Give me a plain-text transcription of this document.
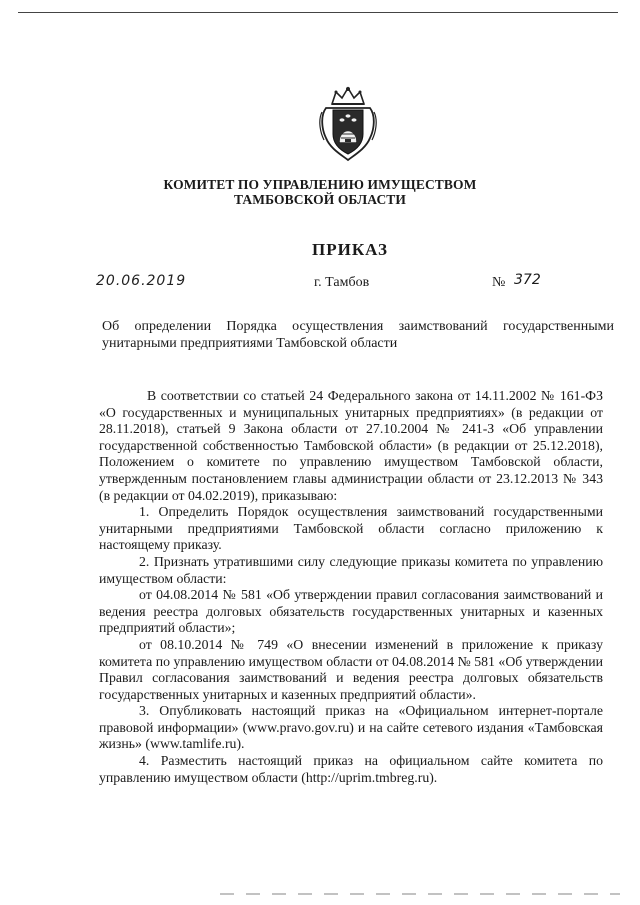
КОМИТЕТ ПО УПРАВЛЕНИЮ ИМУЩЕСТВОМ
ТАМБОВСКОЙ ОБЛАСТИ
ПРИКАЗ
20.06.2019	г. Тамбов	№ 372
Об определении Порядка осуществления заимствований государственными унитарными предприятиями Тамбовской области

В соответствии со статьей 24 Федерального закона от 14.11.2002 № 161-ФЗ «О государственных и муниципальных унитарных предприятиях» (в редакции от 28.11.2018), статьей 9 Закона области от 27.10.2004 № 241-З «Об управлении государственной собственностью Тамбовской области» (в редакции от 25.12.2018), Положением о комитете по управлению имуществом Тамбовской области, утвержденным постановлением главы администрации области от 23.12.2013 № 343 (в редакции от 04.02.2019), приказываю:

1. Определить Порядок осуществления заимствований государственными унитарными предприятиями Тамбовской области согласно приложению к настоящему приказу.

2. Признать утратившими силу следующие приказы комитета по управлению имуществом области:

от 04.08.2014 № 581 «Об утверждении правил согласования заимствований и ведения реестра долговых обязательств государственных унитарных и казенных предприятий области»;

от 08.10.2014 № 749 «О внесении изменений в приложение к приказу комитета по управлению имуществом области от 04.08.2014 № 581 «Об утверждении Правил согласования заимствований и ведения реестра долговых обязательств государственных унитарных и казенных предприятий области».

3. Опубликовать настоящий приказ на «Официальном интернет-портале правовой информации» (www.pravo.gov.ru) и на сайте сетевого издания «Тамбовская жизнь» (www.tamlife.ru).

4. Разместить настоящий приказ на официальном сайте комитета по управлению имуществом области (http://uprim.tmbreg.ru).
